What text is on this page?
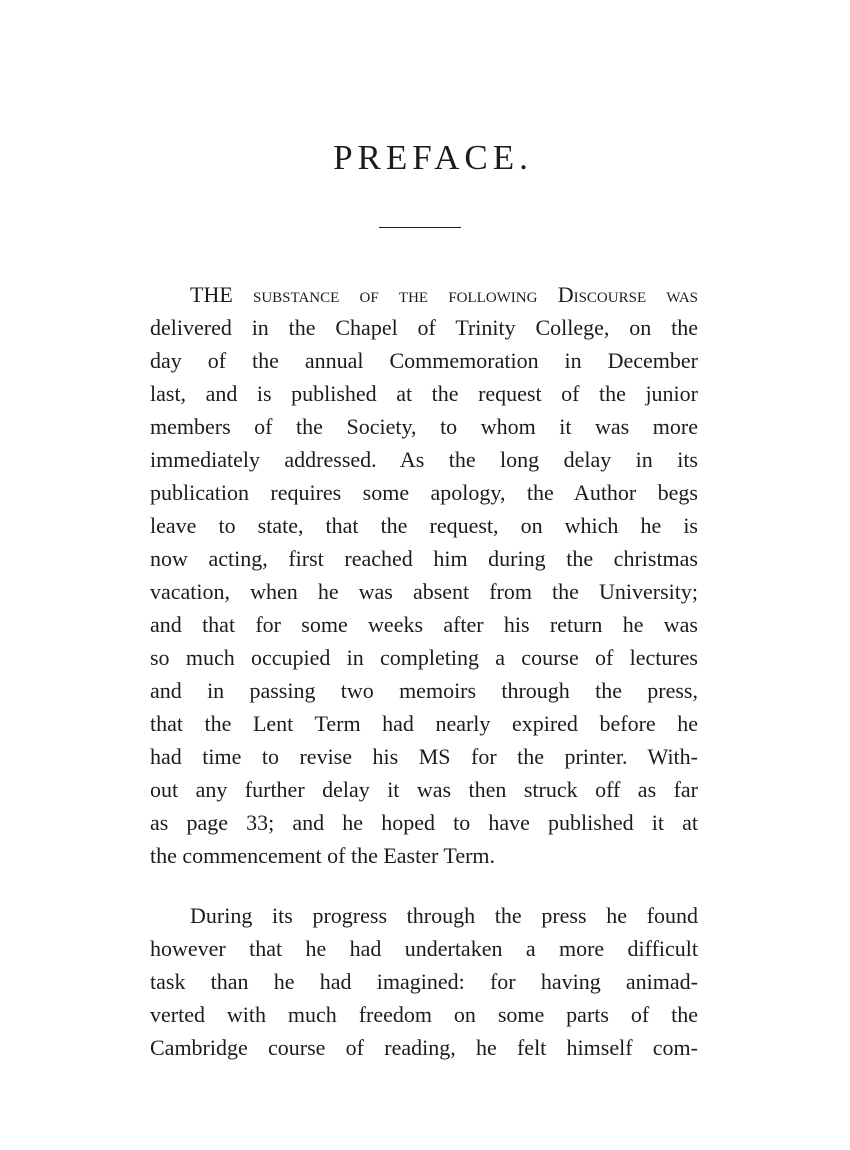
PREFACE.
THE substance of the following Discourse was
delivered in the Chapel of Trinity College, on the
day of the annual Commemoration in December
last, and is published at the request of the junior
members of the Society, to whom it was more
immediately addressed. As the long delay in its
publication requires some apology, the Author begs
leave to state, that the request, on which he is
now acting, first reached him during the christmas
vacation, when he was absent from the University;
and that for some weeks after his return he was
so much occupied in completing a course of lectures
and in passing two memoirs through the press,
that the Lent Term had nearly expired before he
had time to revise his MS for the printer. With-
out any further delay it was then struck off as far
as page 33; and he hoped to have published it at
the commencement of the Easter Term.
During its progress through the press he found
however that he had undertaken a more difficult
task than he had imagined: for having animad-
verted with much freedom on some parts of the
Cambridge course of reading, he felt himself com-
